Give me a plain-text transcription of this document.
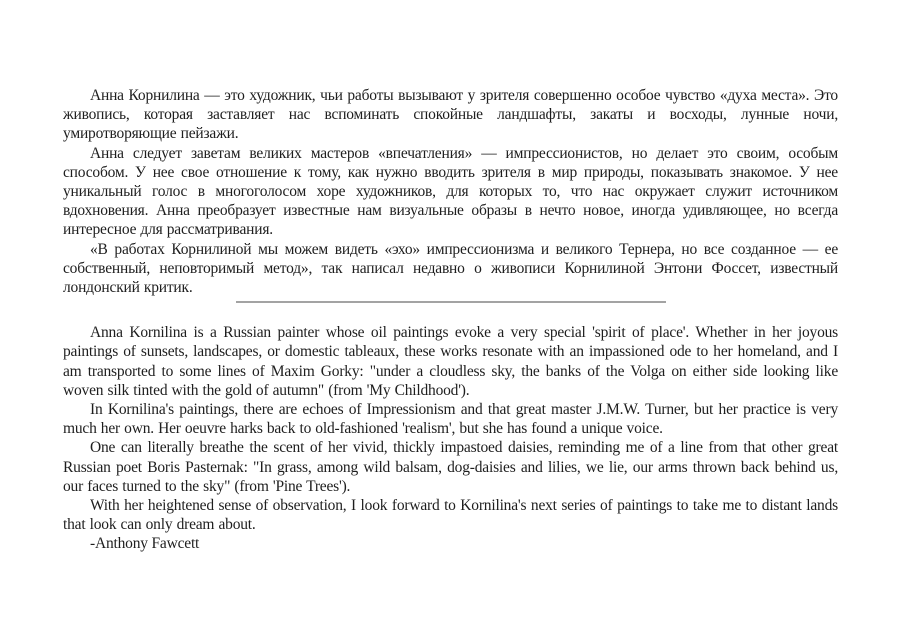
Анна Корнилина — это художник, чьи работы вызывают у зрителя совершенно особое чувство «духа места». Это живопись, которая заставляет нас вспоминать спокойные ландшафты, закаты и восходы, лунные ночи, умиротворяющие пейзажи.

Анна следует заветам великих мастеров «впечатления» — импрессионистов, но делает это своим, особым способом. У нее свое отношение к тому, как нужно вводить зрителя в мир природы, показывать знакомое. У нее уникальный голос в многоголосом хоре художников, для которых то, что нас окружает служит источником вдохновения. Анна преобразует известные нам визуальные образы в нечто новое, иногда удивляющее, но всегда интересное для рассматривания.

«В работах Корнилиной мы можем видеть «эхо» импрессионизма и великого Тернера, но все созданное — ее собственный, неповторимый метод», так написал недавно о живописи Корнилиной Энтони Фоссет, известный лондонский критик.

Anna Kornilina is a Russian painter whose oil paintings evoke a very special 'spirit of place'. Whether in her joyous paintings of sunsets, landscapes, or domestic tableaux, these works resonate with an impassioned ode to her homeland, and I am transported to some lines of Maxim Gorky: "under a cloudless sky, the banks of the Volga on either side looking like woven silk tinted with the gold of autumn" (from 'My Childhood').

In Kornilina's paintings, there are echoes of Impressionism and that great master J.M.W. Turner, but her practice is very much her own. Her oeuvre harks back to old-fashioned 'realism', but she has found a unique voice.

One can literally breathe the scent of her vivid, thickly impastoed daisies, reminding me of a line from that other great Russian poet Boris Pasternak: "In grass, among wild balsam, dog-daisies and lilies, we lie, our arms thrown back behind us, our faces turned to the sky" (from 'Pine Trees').

With her heightened sense of observation, I look forward to Kornilina's next series of paintings to take me to distant lands that look can only dream about.

-Anthony Fawcett
